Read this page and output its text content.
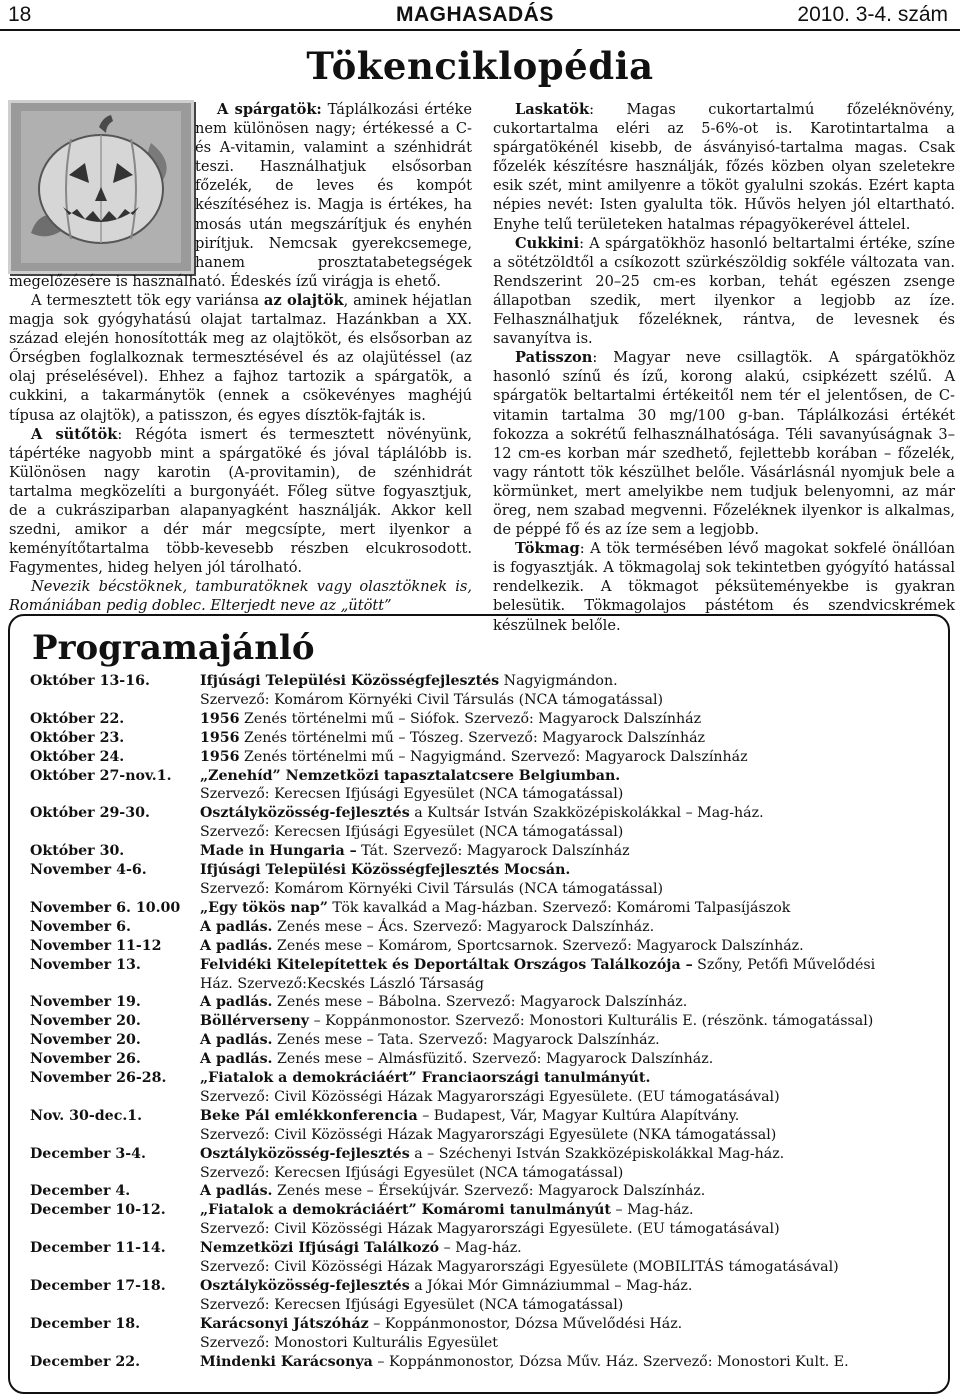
18	MAGHASADÁS	2010. 3-4. szám
Tökenciklopédia

A spárgatök: Táplálkozási értéke nem különösen nagy; értékessé a C- és A-vitamin, valamint a szénhidrát teszi. Használhatjuk elsősorban főzelék, de leves és kompót készítéséhez is. Magja is értékes, ha mosás után megszárítjuk és enyhén pirítjuk. Nemcsak gyerekcsemege, hanem prosztatabetegségek megelőzésére is használható. Édeskés ízű virágja is ehető.

A termesztett tök egy variánsa az olajtök, aminek héjatlan magja sok gyógyhatású olajat tartalmaz. Hazánkban a XX. század elején honosították meg az olajtököt, és elsősorban az Őrségben foglalkoznak termesztésével és az olajütéssel (az olaj préselésével). Ehhez a fajhoz tartozik a spárgatök, a cukkini, a takarmánytök (ennek a csökevényes maghéjú típusa az olajtök), a patisszon, és egyes dísztök-fajták is.

A sütőtök: Régóta ismert és termesztett növényünk, tápértéke nagyobb mint a spárgatöké és jóval táplálóbb is. Különösen nagy karotin (A-provitamin), de szénhidrát tartalma megközelíti a burgonyáét. Főleg sütve fogyasztjuk, de a cukrásziparban alapanyagként használják. Akkor kell szedni, amikor a dér már megcsípte, mert ilyenkor a keményítőtartalma több-kevesebb részben elcukrosodott. Fagymentes, hideg helyen jól tárolható.

Nevezik bécstöknek, tamburatöknek vagy olasztöknek is, Romániában pedig doblec. Elterjedt neve az „ütött”

Laskatök: Magas cukortartalmú főzeléknövény, cukortartalma eléri az 5-6%-ot is. Karotintartalma a spárgatökénél kisebb, de ásványisó-tartalma magas. Csak főzelék készítésre használják, főzés közben olyan szeletekre esik szét, mint amilyenre a tököt gyalulni szokás. Ezért kapta népies nevét: Isten gyalulta tök. Hűvös helyen jól eltartható. Enyhe telű területeken hatalmas répagyökerével áttelel.

Cukkini: A spárgatökhöz hasonló beltartalmi értéke, színe a sötétzöldtől a csíkozott szürkészöldig sokféle változata van. Rendszerint 20–25 cm-es korban, tehát egészen zsenge állapotban szedik, mert ilyenkor a legjobb az íze. Felhasználhatjuk főzeléknek, rántva, de levesnek és savanyítva is.

Patisszon: Magyar neve csillagtök. A spárgatökhöz hasonló színű és ízű, korong alakú, csipkézett szélű. A spárgatök beltartalmi értékeitől nem tér el jelentősen, de C-vitamin tartalma 30 mg/100 g-ban. Táplálkozási értékét fokozza a sokrétű felhasználhatósága. Téli savanyúságnak 3–12 cm-es korban már szedhető, fejlettebb korában – főzelék, vagy rántott tök készülhet belőle. Vásárlásnál nyomjuk bele a körmünket, mert amelyikbe nem tudjuk belenyomni, az már öreg, nem szabad megvenni. Főzeléknek ilyenkor is alkalmas, de péppé fő és az íze sem a legjobb.

Tökmag: A tök termésében lévő magokat sokfelé önállóan is fogyasztják. A tökmagolaj sok tekintetben gyógyító hatással rendelkezik. A tökmagot péksüteményekbe is gyakran belesütik. Tökmagolajos pástétom és szendvicskrémek készülnek belőle.

Programajánló
Október 13-16.	Ifjúsági Települési Közösségfejlesztés Nagyigmándon.
Szervező: Komárom Környéki Civil Társulás (NCA támogatással)
Október 22.	1956 Zenés történelmi mű – Siófok. Szervező: Magyarock Dalszínház
Október 23.	1956 Zenés történelmi mű – Tószeg. Szervező: Magyarock Dalszínház
Október 24.	1956 Zenés történelmi mű – Nagyigmánd. Szervező: Magyarock Dalszínház
Október 27-nov.1.	„Zenehíd” Nemzetközi tapasztalatcsere Belgiumban.
Szervező: Kerecsen Ifjúsági Egyesület (NCA támogatással)
Október 29-30.	Osztályközösség-fejlesztés a Kultsár István Szakközépiskolákkal – Mag-ház.
Szervező: Kerecsen Ifjúsági Egyesület (NCA támogatással)
Október 30.	Made in Hungaria – Tát. Szervező: Magyarock Dalszínház
November 4-6.	Ifjúsági Települési Közösségfejlesztés Mocsán.
Szervező: Komárom Környéki Civil Társulás (NCA támogatással)
November 6. 10.00	„Egy tökös nap” Tök kavalkád a Mag-házban. Szervező: Komáromi Talpasíjászok
November 6.	A padlás. Zenés mese – Ács. Szervező: Magyarock Dalszínház.
November 11-12	A padlás. Zenés mese – Komárom, Sportcsarnok. Szervező: Magyarock Dalszínház.
November 13.	Felvidéki Kitelepítettek és Deportáltak Országos Találkozója – Szőny, Petőfi Művelődési
Ház. Szervező:Kecskés László Társaság
November 19.	A padlás. Zenés mese – Bábolna. Szervező: Magyarock Dalszínház.
November 20.	Böllérverseny – Koppánmonostor. Szervező: Monostori Kulturális E. (részönk. támogatással)
November 20.	A padlás. Zenés mese – Tata. Szervező: Magyarock Dalszínház.
November 26.	A padlás. Zenés mese – Almásfüzitő. Szervező: Magyarock Dalszínház.
November 26-28.	„Fiatalok a demokráciáért” Franciaországi tanulmányút.
Szervező: Civil Közösségi Házak Magyarországi Egyesülete. (EU támogatásával)
Nov. 30-dec.1.	Beke Pál emlékkonferencia – Budapest, Vár, Magyar Kultúra Alapítvány.
Szervező: Civil Közösségi Házak Magyarországi Egyesülete (NKA támogatással)
December 3-4.	Osztályközösség-fejlesztés a – Széchenyi István Szakközépiskolákkal Mag-ház.
Szervező: Kerecsen Ifjúsági Egyesület (NCA támogatással)
December 4.	A padlás. Zenés mese – Érsekújvár. Szervező: Magyarock Dalszínház.
December 10-12.	„Fiatalok a demokráciáért” Komáromi tanulmányút – Mag-ház.
Szervező: Civil Közösségi Házak Magyarországi Egyesülete. (EU támogatásával)
December 11-14.	Nemzetközi Ifjúsági Találkozó – Mag-ház.
Szervező: Civil Közösségi Házak Magyarországi Egyesülete (MOBILITÁS támogatásával)
December 17-18.	Osztályközösség-fejlesztés a Jókai Mór Gimnáziummal – Mag-ház.
Szervező: Kerecsen Ifjúsági Egyesület (NCA támogatással)
December 18.	Karácsonyi Játszóház – Koppánmonostor, Dózsa Művelődési Ház.
Szervező: Monostori Kulturális Egyesület
December 22.	Mindenki Karácsonya – Koppánmonostor, Dózsa Műv. Ház. Szervező: Monostori Kult. E.
